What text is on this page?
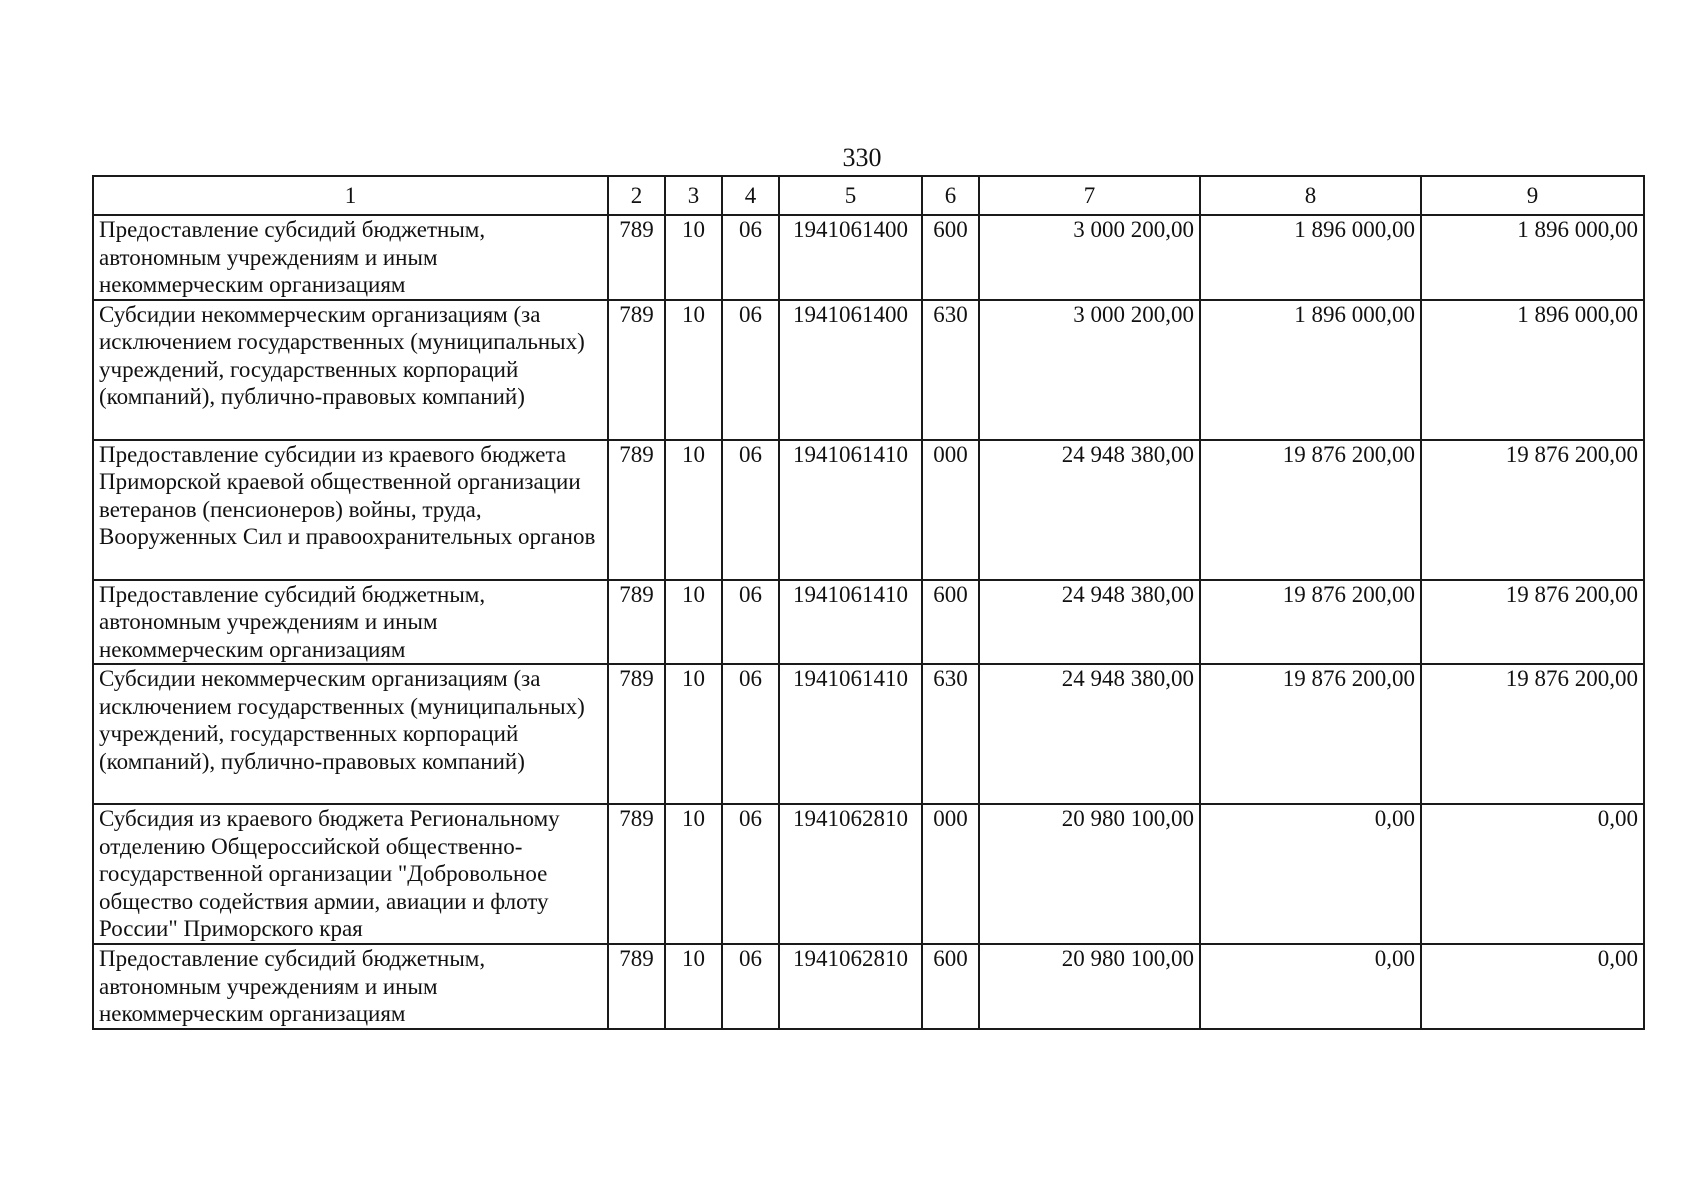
330
1	2	3	4	5	6	7	8	9
Предоставление субсидий бюджетным, автономным учреждениям и иным некоммерческим организациям	789	10	06	1941061400	600	3 000 200,00	1 896 000,00	1 896 000,00
Субсидии некоммерческим организациям (за исключением государственных (муниципальных) учреждений, государственных корпораций (компаний), публично-правовых компаний)	789	10	06	1941061400	630	3 000 200,00	1 896 000,00	1 896 000,00
Предоставление субсидии из краевого бюджета Приморской краевой общественной организации ветеранов (пенсионеров) войны, труда, Вооруженных Сил и правоохранительных органов	789	10	06	1941061410	000	24 948 380,00	19 876 200,00	19 876 200,00
Предоставление субсидий бюджетным, автономным учреждениям и иным некоммерческим организациям	789	10	06	1941061410	600	24 948 380,00	19 876 200,00	19 876 200,00
Субсидии некоммерческим организациям (за исключением государственных (муниципальных) учреждений, государственных корпораций (компаний), публично-правовых компаний)	789	10	06	1941061410	630	24 948 380,00	19 876 200,00	19 876 200,00
Субсидия из краевого бюджета Региональному отделению Общероссийской общественно-государственной организации "Добровольное общество содействия армии, авиации и флоту России" Приморского края	789	10	06	1941062810	000	20 980 100,00	0,00	0,00
Предоставление субсидий бюджетным, автономным учреждениям и иным некоммерческим организациям	789	10	06	1941062810	600	20 980 100,00	0,00	0,00
